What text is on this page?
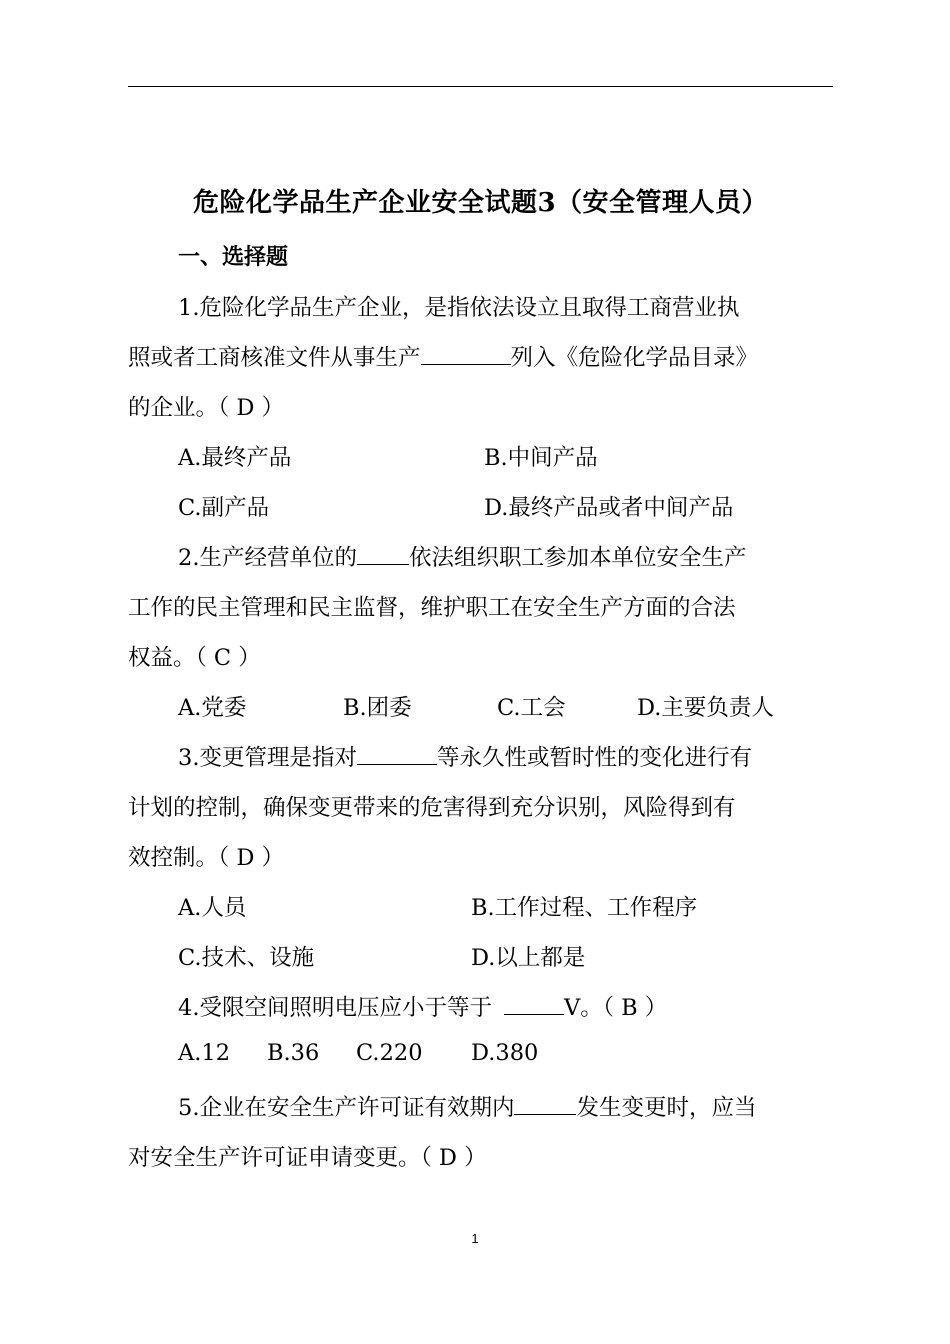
危险化学品生产企业安全试题3（安全管理人员）
一、选择题
1.危险化学品生产企业，是指依法设立且取得工商营业执
照或者工商核准文件从事生产	列入《危险化学品目录》
的企业。（ D ）
A.最终产品	B.中间产品
C.副产品	D.最终产品或者中间产品
2.生产经营单位的 依法组织职工参加本单位安全生产
工作的民主管理和民主监督，维护职工在安全生产方面的合法
权益。（ C ）
A.党委	B.团委	C.工会	D.主要负责人
3.变更管理是指对	等永久性或暂时性的变化进行有
计划的控制，确保变更带来的危害得到充分识别，风险得到有
效控制。（ D ）
A.人员	B.工作过程、工作程序
C.技术、设施	D.以上都是
4.受限空间照明电压应小于等于	V。（ B ）
A.12 B.36 C.220 D.380
5.企业在安全生产许可证有效期内	发生变更时，应当
对安全生产许可证申请变更。（ D ）
1
